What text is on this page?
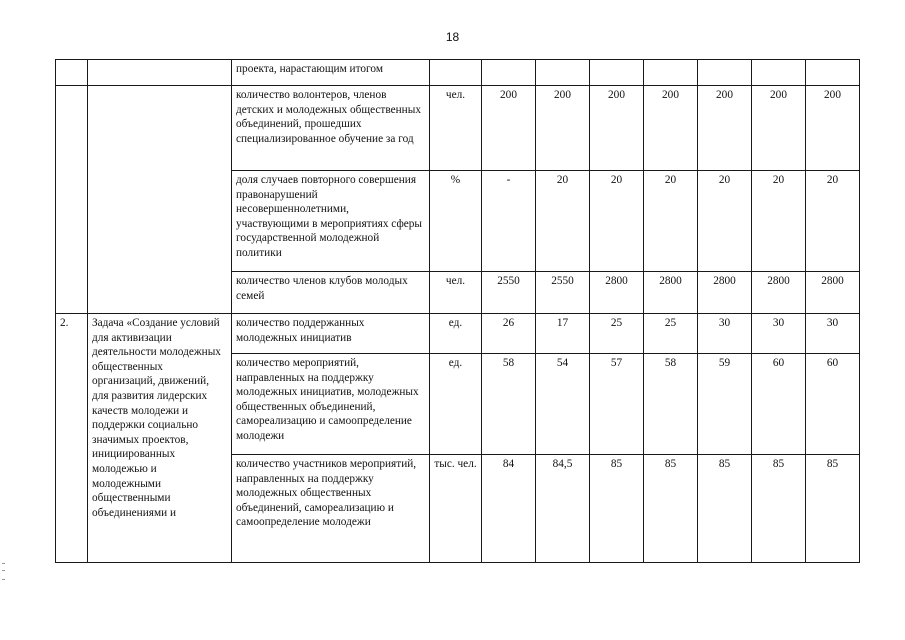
18
		проекта, нарастающим итогом								
		количество волонтеров, членов детских и молодежных общественных объединений, прошедших специализированное обучение за год	чел.	200	200	200	200	200	200	200
		доля случаев повторного совершения правонарушений несовершеннолетними, участвующими в мероприятиях сферы государственной молодежной политики	%	-	20	20	20	20	20	20
		количество членов клубов молодых семей	чел.	2550	2550	2800	2800	2800	2800	2800
2.	Задача «Создание условий для активизации деятельности молодежных общественных организаций, движений, для развития лидерских качеств молодежи и поддержки социально значимых проектов, инициированных молодежью и молодежными общественными объединениями и	количество поддержанных молодежных инициатив	ед.	26	17	25	25	30	30	30
		количество мероприятий, направленных на поддержку молодежных инициатив, молодежных общественных объединений, самореализацию и самоопределение молодежи	ед.	58	54	57	58	59	60	60
		количество участников мероприятий, направленных на поддержку молодежных общественных объединений, самореализацию и самоопределение молодежи	тыс. чел.	84	84,5	85	85	85	85	85
